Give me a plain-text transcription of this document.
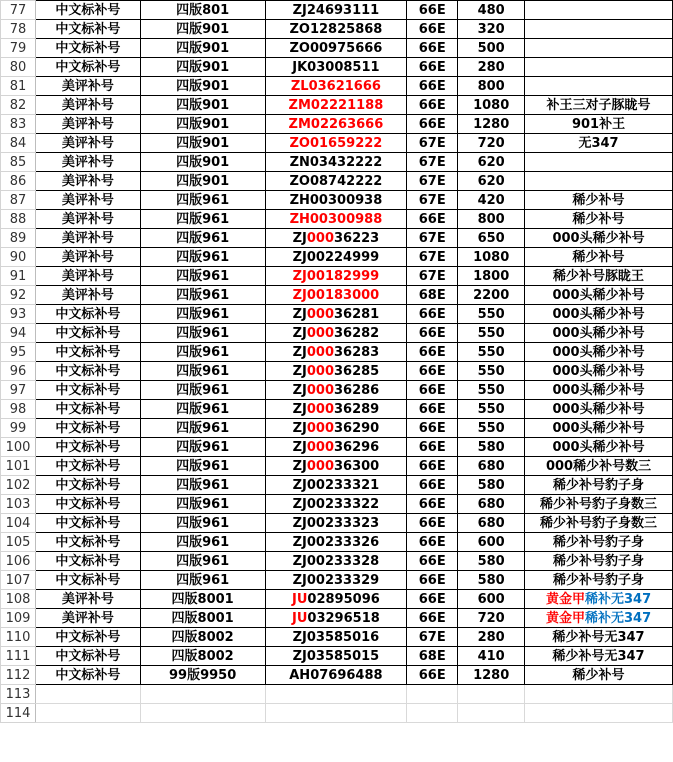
77	中文标补号	四版801	ZJ24693111	66E	480	
78	中文标补号	四版901	ZO12825868	66E	320	
79	中文标补号	四版901	ZO00975666	66E	500	
80	中文标补号	四版901	JK03008511	66E	280	
81	美评补号	四版901	ZL03621666	66E	800	
82	美评补号	四版901	ZM02221188	66E	1080	补王三对子豚眬号
83	美评补号	四版901	ZM02263666	66E	1280	901补王
84	美评补号	四版901	ZO01659222	67E	720	无347
85	美评补号	四版901	ZN03432222	67E	620	
86	美评补号	四版901	ZO08742222	67E	620	
87	美评补号	四版961	ZH00300938	67E	420	稀少补号
88	美评补号	四版961	ZH00300988	66E	800	稀少补号
89	美评补号	四版961	ZJ00036223	67E	650	000头稀少补号
90	美评补号	四版961	ZJ00224999	67E	1080	稀少补号
91	美评补号	四版961	ZJ00182999	67E	1800	稀少补号豚眬王
92	美评补号	四版961	ZJ00183000	68E	2200	000头稀少补号
93	中文标补号	四版961	ZJ00036281	66E	550	000头稀少补号
94	中文标补号	四版961	ZJ00036282	66E	550	000头稀少补号
95	中文标补号	四版961	ZJ00036283	66E	550	000头稀少补号
96	中文标补号	四版961	ZJ00036285	66E	550	000头稀少补号
97	中文标补号	四版961	ZJ00036286	66E	550	000头稀少补号
98	中文标补号	四版961	ZJ00036289	66E	550	000头稀少补号
99	中文标补号	四版961	ZJ00036290	66E	550	000头稀少补号
100	中文标补号	四版961	ZJ00036296	66E	580	000头稀少补号
101	中文标补号	四版961	ZJ00036300	66E	680	000稀少补号数三
102	中文标补号	四版961	ZJ00233321	66E	580	稀少补号豹子身
103	中文标补号	四版961	ZJ00233322	66E	680	稀少补号豹子身数三
104	中文标补号	四版961	ZJ00233323	66E	680	稀少补号豹子身数三
105	中文标补号	四版961	ZJ00233326	66E	600	稀少补号豹子身
106	中文标补号	四版961	ZJ00233328	66E	580	稀少补号豹子身
107	中文标补号	四版961	ZJ00233329	66E	580	稀少补号豹子身
108	美评补号	四版8001	JU02895096	66E	600	黄金甲稀补无347
109	美评补号	四版8001	JU03296518	66E	720	黄金甲稀补无347
110	中文标补号	四版8002	ZJ03585016	67E	280	稀少补号无347
111	中文标补号	四版8002	ZJ03585015	68E	410	稀少补号无347
112	中文标补号	99版9950	AH07696488	66E	1280	稀少补号
113						
114						
